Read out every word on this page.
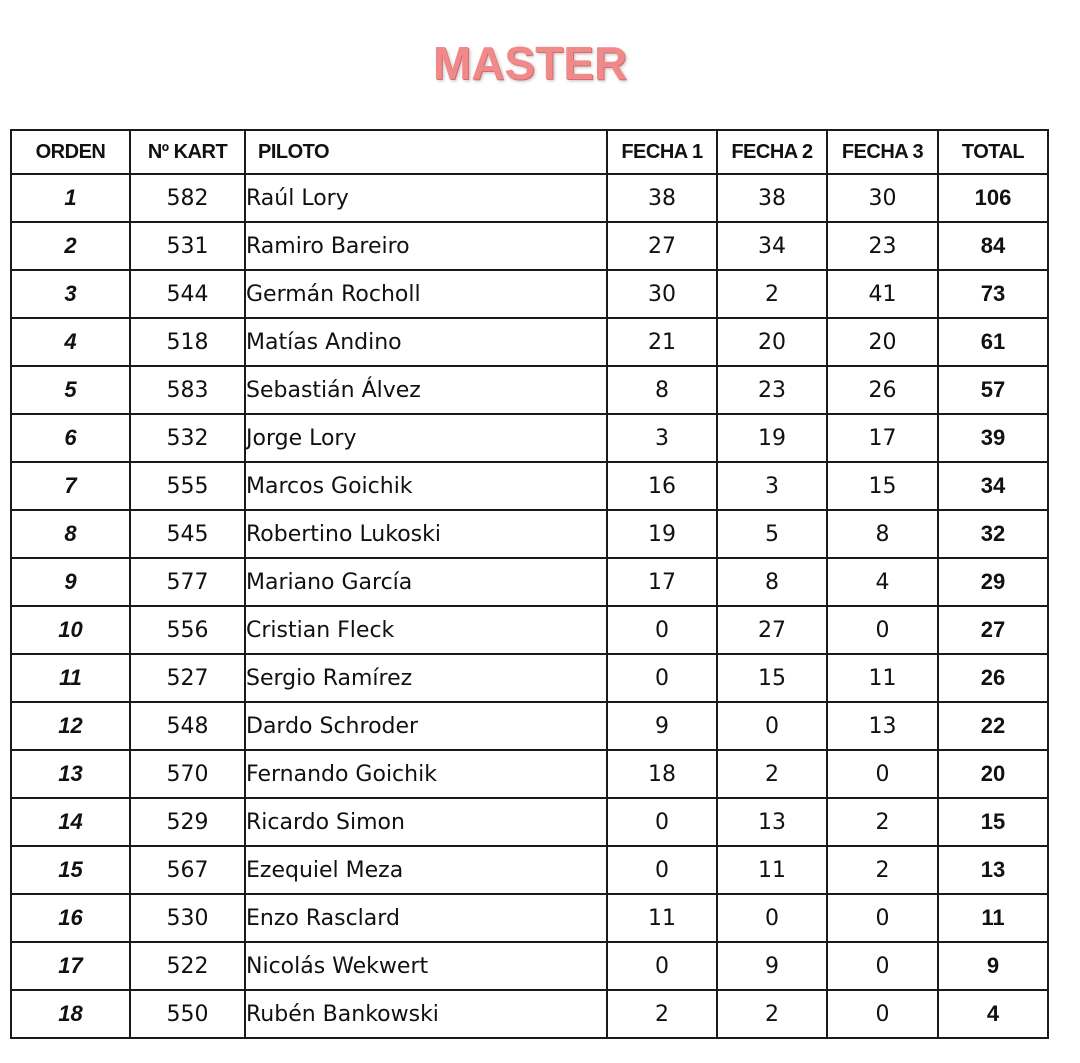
MASTER
ORDEN	Nº KART	PILOTO	FECHA 1	FECHA 2	FECHA 3	TOTAL
1	582	Raúl Lory	38	38	30	106
2	531	Ramiro Bareiro	27	34	23	84
3	544	Germán Rocholl	30	2	41	73
4	518	Matías Andino	21	20	20	61
5	583	Sebastián Álvez	8	23	26	57
6	532	Jorge Lory	3	19	17	39
7	555	Marcos Goichik	16	3	15	34
8	545	Robertino Lukoski	19	5	8	32
9	577	Mariano García	17	8	4	29
10	556	Cristian Fleck	0	27	0	27
11	527	Sergio Ramírez	0	15	11	26
12	548	Dardo Schroder	9	0	13	22
13	570	Fernando Goichik	18	2	0	20
14	529	Ricardo Simon	0	13	2	15
15	567	Ezequiel Meza	0	11	2	13
16	530	Enzo Rasclard	11	0	0	11
17	522	Nicolás Wekwert	0	9	0	9
18	550	Rubén Bankowski	2	2	0	4
